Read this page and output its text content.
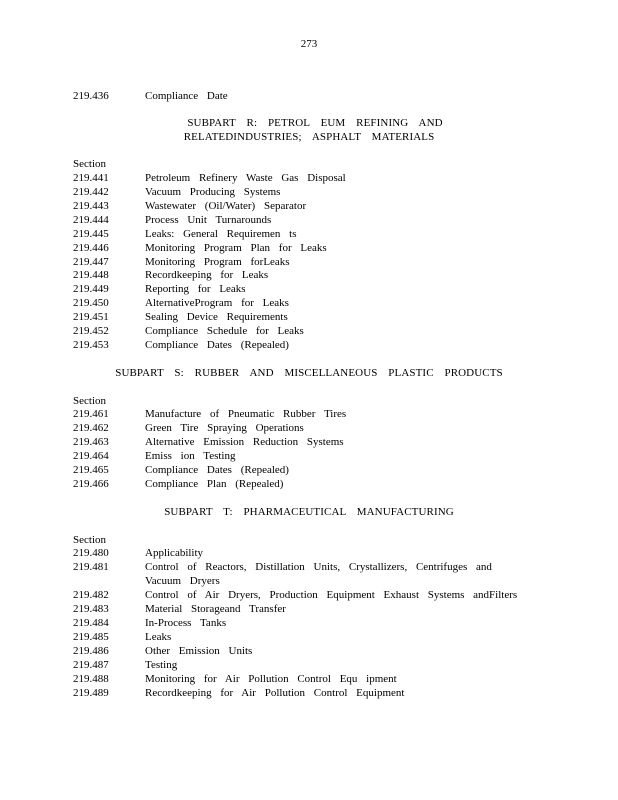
273
219.436	Compliance Date
SUBPART R: PETROL EUM REFINING AND
RELATEDINDUSTRIES; ASPHALT MATERIALS
Section
219.441	Petroleum Refinery Waste Gas Disposal
219.442	Vacuum Producing Systems
219.443	Wastewater (Oil/Water) Separator
219.444	Process Unit Turnarounds
219.445	Leaks: General Requiremen ts
219.446	Monitoring Program Plan for Leaks
219.447	Monitoring Program forLeaks
219.448	Recordkeeping for Leaks
219.449	Reporting for Leaks
219.450	AlternativeProgram for Leaks
219.451	Sealing Device Requirements
219.452	Compliance Schedule for Leaks
219.453	Compliance Dates (Repealed)
SUBPART S: RUBBER AND MISCELLANEOUS PLASTIC PRODUCTS
Section
219.461	Manufacture of Pneumatic Rubber Tires
219.462	Green Tire Spraying Operations
219.463	Alternative Emission Reduction Systems
219.464	Emiss ion Testing
219.465	Compliance Dates (Repealed)
219.466	Compliance Plan (Repealed)
SUBPART T: PHARMACEUTICAL MANUFACTURING
Section
219.480	Applicability
219.481	Control of Reactors, Distillation Units, Crystallizers, Centrifuges and Vacuum Dryers
219.482	Control of Air Dryers, Production Equipment Exhaust Systems andFilters
219.483	Material Storageand Transfer
219.484	In-Process Tanks
219.485	Leaks
219.486	Other Emission Units
219.487	Testing
219.488	Monitoring for Air Pollution Control Equ ipment
219.489	Recordkeeping for Air Pollution Control Equipment
